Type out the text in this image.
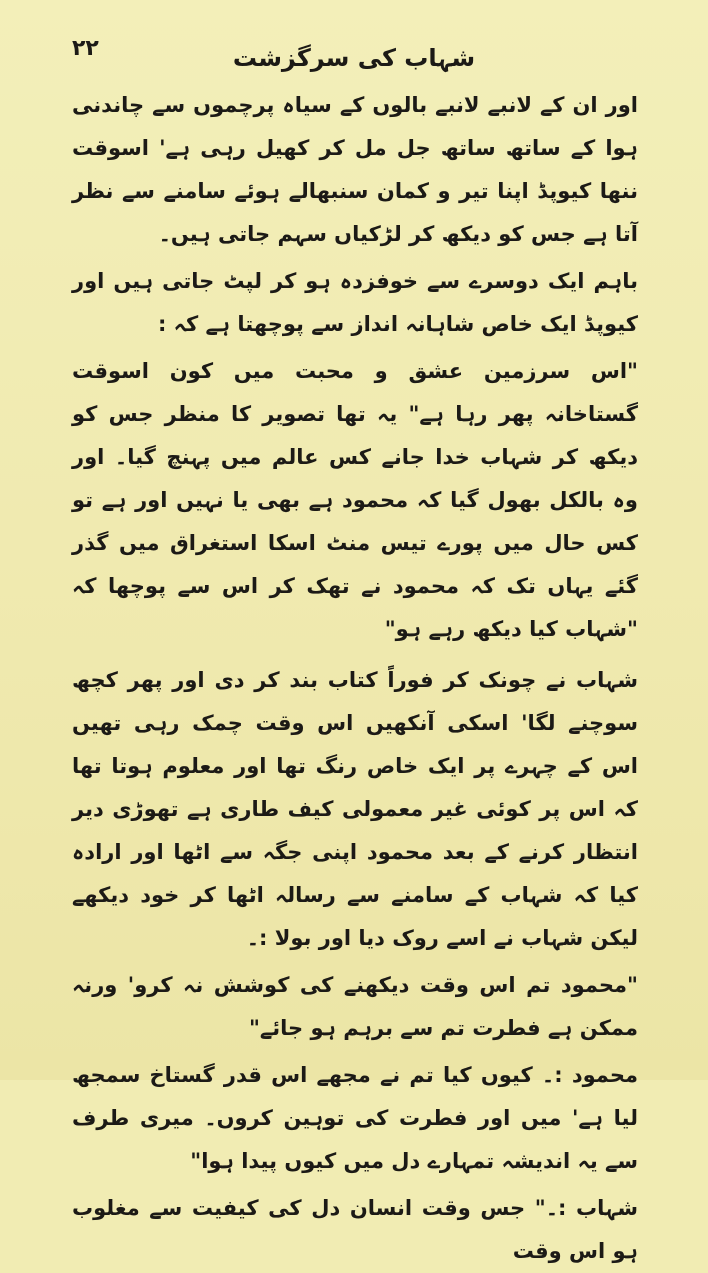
۲۲	شہاب کی سرگزشت

اور ان کے لانبے لانبے بالوں کے سیاہ پرچموں سے چاندنی ہوا کے ساتھ ساتھ جل مل کر کھیل رہی ہے' اسوقت ننھا کیوپڈ اپنا تیر و کمان سنبھالے ہوئے سامنے سے نظر آتا ہے جس کو دیکھ کر لڑکیاں سہم جاتی ہیں۔

باہم ایک دوسرے سے خوفزدہ ہو کر لپٹ جاتی ہیں اور کیوپڈ ایک خاص شاہانہ انداز سے پوچھتا ہے کہ :

"اس سرزمین عشق و محبت میں کون اسوقت گستاخانہ پھر رہا ہے" یہ تھا تصویر کا منظر جس کو دیکھ کر شہاب خدا جانے کس عالم میں پہنچ گیا۔ اور وہ بالکل بھول گیا کہ محمود ہے بھی یا نہیں اور ہے تو کس حال میں پورے تیس منٹ اسکا استغراق میں گذر گئے یہاں تک کہ محمود نے تھک کر اس سے پوچھا کہ "شہاب کیا دیکھ رہے ہو"

شہاب نے چونک کر فوراً کتاب بند کر دی اور پھر کچھ سوچنے لگا' اسکی آنکھیں اس وقت چمک رہی تھیں اس کے چہرے پر ایک خاص رنگ تھا اور معلوم ہوتا تھا کہ اس پر کوئی غیر معمولی کیف طاری ہے تھوڑی دیر انتظار کرنے کے بعد محمود اپنی جگہ سے اٹھا اور ارادہ کیا کہ شہاب کے سامنے سے رسالہ اٹھا کر خود دیکھے لیکن شہاب نے اسے روک دیا اور بولا :۔

"محمود تم اس وقت دیکھنے کی کوشش نہ کرو' ورنہ ممکن ہے فطرت تم سے برہم ہو جائے"

محمود :۔ کیوں کیا تم نے مجھے اس قدر گستاخ سمجھ لیا ہے' میں اور فطرت کی توہین کروں۔ میری طرف سے یہ اندیشہ تمہارے دل میں کیوں پیدا ہوا"

شہاب :۔" جس وقت انسان دل کی کیفیت سے مغلوب ہو اس وقت
